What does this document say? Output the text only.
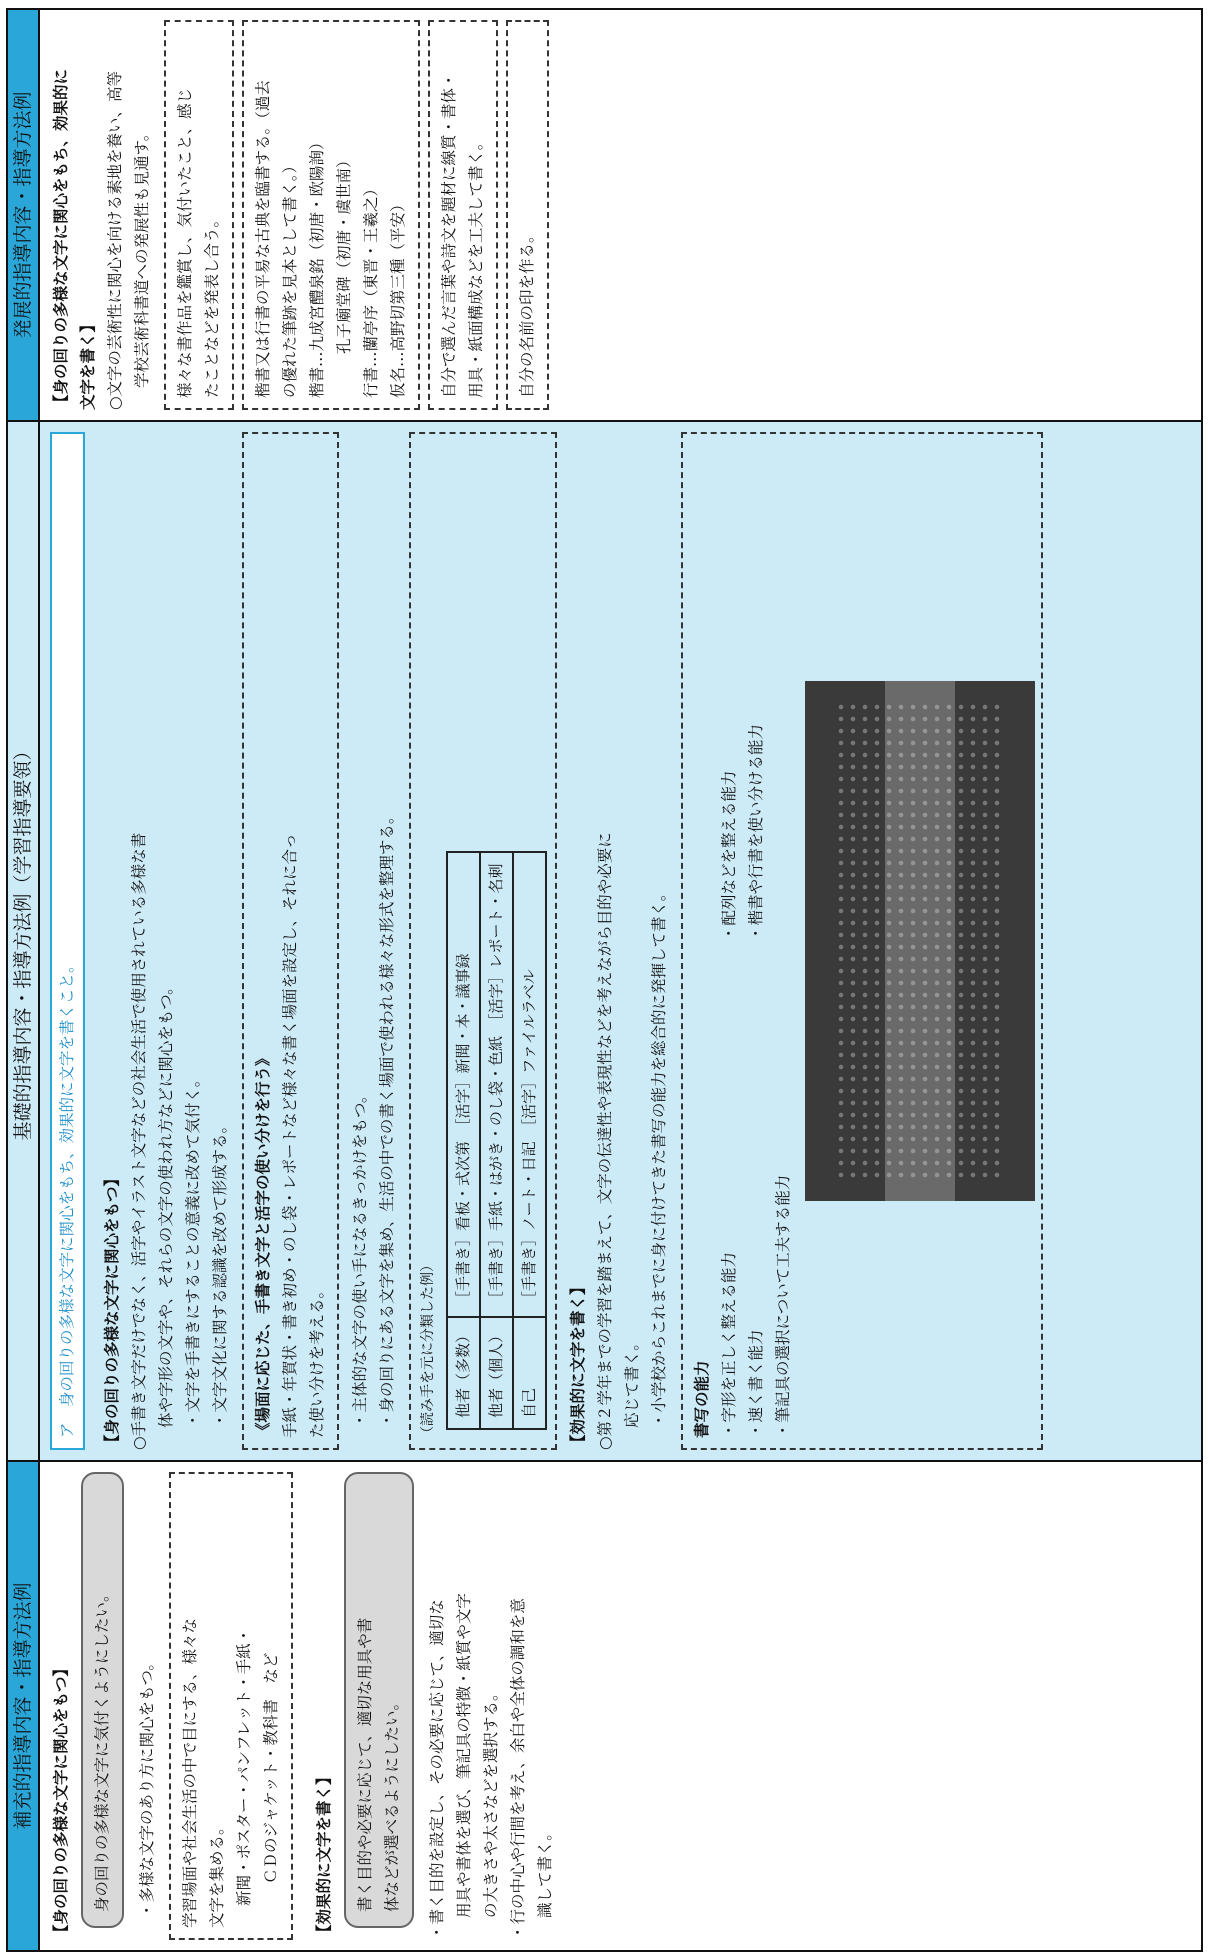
補充的指導内容・指導方法例	【身の回りの多様な文字に関心をもつ】	身の回りの多様な文字に気付くようにしたい。	・多様な文字のあり方に関心をもつ。	学習場面や社会生活の中で目にする、様々な 文字を集める。 新聞・ポスター・パンフレット・手紙・ ＣＤのジャケット・教科書　など	【効果的に文字を書く】	書く目的や必要に応じて、適切な用具や書 体などが選べるようにしたい。	・書く目的を設定し、その必要に応じて、適切な 用具や書体を選び、筆記具の特徴・紙質や文字 の大きさや太さなどを選択する。 ・行の中心や行間を考え、余白や全体の調和を意 識して書く。

基礎的指導内容・指導方法例（学習指導要領）

ア　身の回りの多様な文字に関心をもち、効果的に文字を書くこと。	【身の回りの多様な文字に関心をもつ】 ○手書き文字だけでなく、活字やイラスト文字などの社会生活で使用されている多様な書 体や字形の文字や、それらの文字の使われ方などに関心をもつ。 ・文字を手書きにすることの意義に改めて気付く。 ・文字文化に関する認識を改めて形成する。	《場面に応じた、手書き文字と活字の使い分けを行う》 手紙・年賀状・書き初め・のし袋・レポートなど様々な書く場面を設定し、それに合っ た使い分けを考える。	・主体的な文字の使い手になるきっかけをもつ。 ・身の回りにある文字を集め、生活の中での書く場面で使われる様々な形式を整理する。	（読み手を元に分類した例）	他者（多数）	［手書き］看板・式次第　［活字］新聞・本・議事録
他者（個人）	［手書き］手紙・はがき・のし袋・色紙　［活字］レポート・名刺
自己	［手書き］ノート・日記　［活字］ファイルラベル

【効果的に文字を書く】 ○第２学年までの学習を踏まえて、文字の伝達性や表現性などを考えながら目的や必要に 応じて書く。 ・小学校からこれまでに身に付けてきた書写の能力を総合的に発揮して書く。	書写の能力 ・字形を正しく整える能力 ・速く書く能力 ・筆記具の選択について工夫する能力

・配列などを整える能力 ・楷書や行書を使い分ける能力

発展的指導内容・指導方法例	【身の回りの多様な文字に関心をもち、効果的に 文字を書く】 ○文字の芸術性に関心を向ける素地を養い、高等 学校芸術科書道への発展性も見通す。	様々な書作品を鑑賞し、気付いたこと、感じ たことなどを発表し合う。	楷書又は行書の平易な古典を臨書する。（過去 の優れた筆跡を見本として書く。） 楷書…九成宮醴泉銘（初唐・欧陽詢） 孔子廟堂碑（初唐・虞世南） 行書…蘭亭序（東晋・王羲之） 仮名…高野切第三種（平安）	自分で選んだ言葉や詩文を題材に線質・書体・ 用具・紙面構成などを工夫して書く。	自分の名前の印を作る。
